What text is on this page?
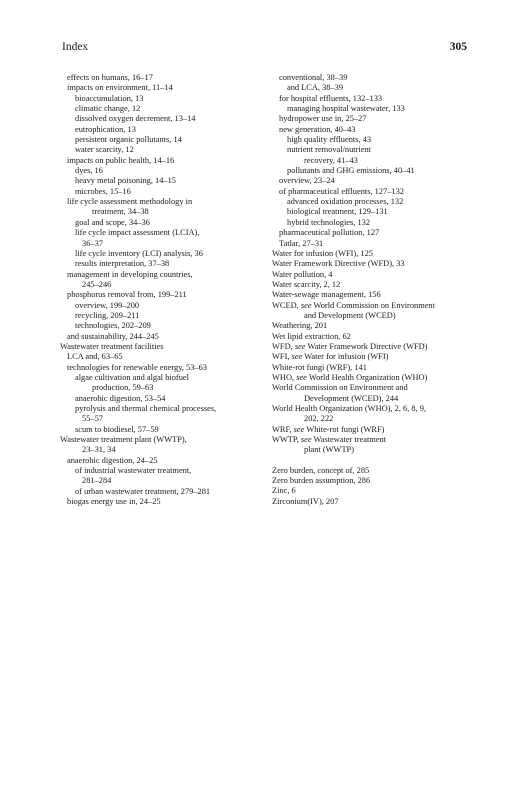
Index	305
effects on humans, 16–17
impacts on environment, 11–14
bioaccumulation, 13
climatic change, 12
dissolved oxygen decrement, 13–14
eutrophication, 13
persistent organic pollutants, 14
water scarcity, 12
impacts on public health, 14–16
dyes, 16
heavy metal poisoning, 14–15
microbes, 15–16
life cycle assessment methodology in
treatment, 34–38
goal and scope, 34–36
life cycle impact assessment (LCIA),
36–37
life cycle inventory (LCI) analysis, 36
results interpretation, 37–38
management in developing countries,
245–246
phosphorus removal from, 199–211
overview, 199–200
recycling, 209–211
technologies, 202–209
and sustainability, 244–245
Wastewater treatment facilities
LCA and, 63–65
technologies for renewable energy, 53–63
algae cultivation and algal biofuel
production, 59–63
anaerobic digestion, 53–54
pyrolysis and thermal chemical processes,
55–57
scum to biodiesel, 57–59
Wastewater treatment plant (WWTP),
23–31, 34
anaerobic digestion, 24–25
of industrial wastewater treatment,
281–284
of urban wastewater treatment, 279–281
biogas energy use in, 24–25
conventional, 38–39
and LCA, 38–39
for hospital effluents, 132–133
managing hospital wastewater, 133
hydropower use in, 25–27
new generation, 40–43
high quality effluents, 43
nutrient removal/nutrient
recovery, 41–43
pollutants and GHG emissions, 40–41
overview, 23–24
of pharmaceutical effluents, 127–132
advanced oxidation processes, 132
biological treatment, 129–131
hybrid technologies, 132
pharmaceutical pollution, 127
Tatlar, 27–31
Water for infusion (WFI), 125
Water Framework Directive (WFD), 33
Water pollution, 4
Water scarcity, 2, 12
Water-sewage management, 156
WCED, see World Commission on Environment
and Development (WCED)
Weathering, 201
Wet lipid extraction, 62
WFD, see Water Framework Directive (WFD)
WFI, see Water for infusion (WFI)
White-rot fungi (WRF), 141
WHO, see World Health Organization (WHO)
World Commission on Environment and
Development (WCED), 244
World Health Organization (WHO), 2, 6, 8, 9,
202, 222
WRF, see White-rot fungi (WRF)
WWTP, see Wastewater treatment
plant (WWTP)
Zero burden, concept of, 285
Zero burden assumption, 286
Zinc, 6
Zirconium(IV), 207
